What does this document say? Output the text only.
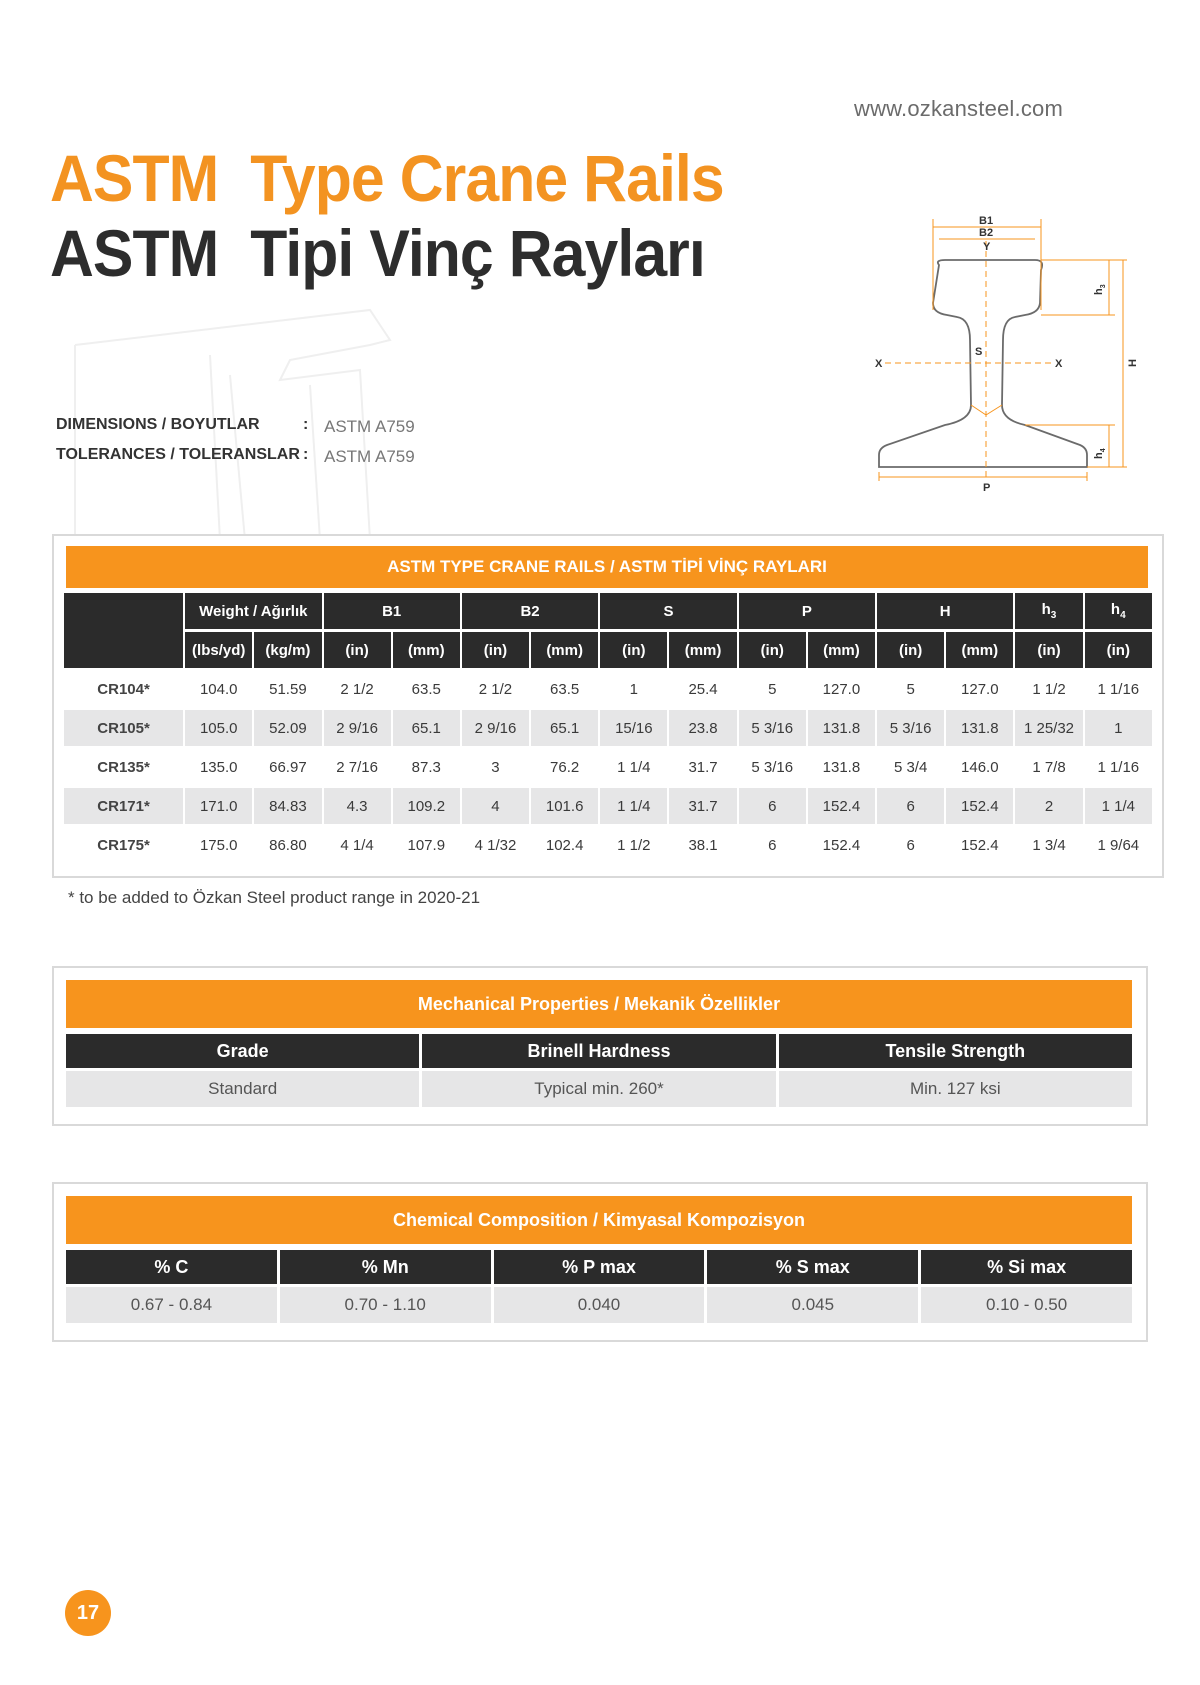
www.ozkansteel.com
ASTM  Type Crane Rails
ASTM  Tipi Vinç Rayları
DIMENSIONS / BOYUTLAR	: ASTM A759
TOLERANCES / TOLERANSLAR : ASTM A759
B1
B2
Y
S
X	X
P
$h_3$
H
$h_4$
ASTM TYPE CRANE RAILS / ASTM TİPİ VİNÇ RAYLARI
	Weight / Ağırlık		B1		B2		S		P		H		$h_3$	$h_4$
	(lbs/yd)	(kg/m)	(in)	(mm)	(in)	(mm)	(in)	(mm)	(in)	(mm)	(in)	(mm)	(in)	(in)
CR104*	104.0	51.59	2 1/2	63.5	2 1/2	63.5	1	25.4	5	127.0	5	127.0	1 1/2	1 1/16
CR105*	105.0	52.09	2 9/16	65.1	2 9/16	65.1	15/16	23.8	5 3/16	131.8	5 3/16	131.8	1 25/32	1
CR135*	135.0	66.97	2 7/16	87.3	3	76.2	1 1/4	31.7	5 3/16	131.8	5 3/4	146.0	1 7/8	1 1/16
CR171*	171.0	84.83	4.3	109.2	4	101.6	1 1/4	31.7	6	152.4	6	152.4	2	1 1/4
CR175*	175.0	86.80	4 1/4	107.9	4 1/32	102.4	1 1/2	38.1	6	152.4	6	152.4	1 3/4	1 9/64
* to be added to Özkan Steel product range in 2020-21
Mechanical Properties / Mekanik Özellikler
Grade	Brinell Hardness	Tensile Strength
Standard	Typical min. 260*	Min. 127 ksi
Chemical Composition / Kimyasal Kompozisyon
% C	% Mn	% P max	% S max	% Si max
0.67 - 0.84	0.70 - 1.10	0.040	0.045	0.10 - 0.50
17
